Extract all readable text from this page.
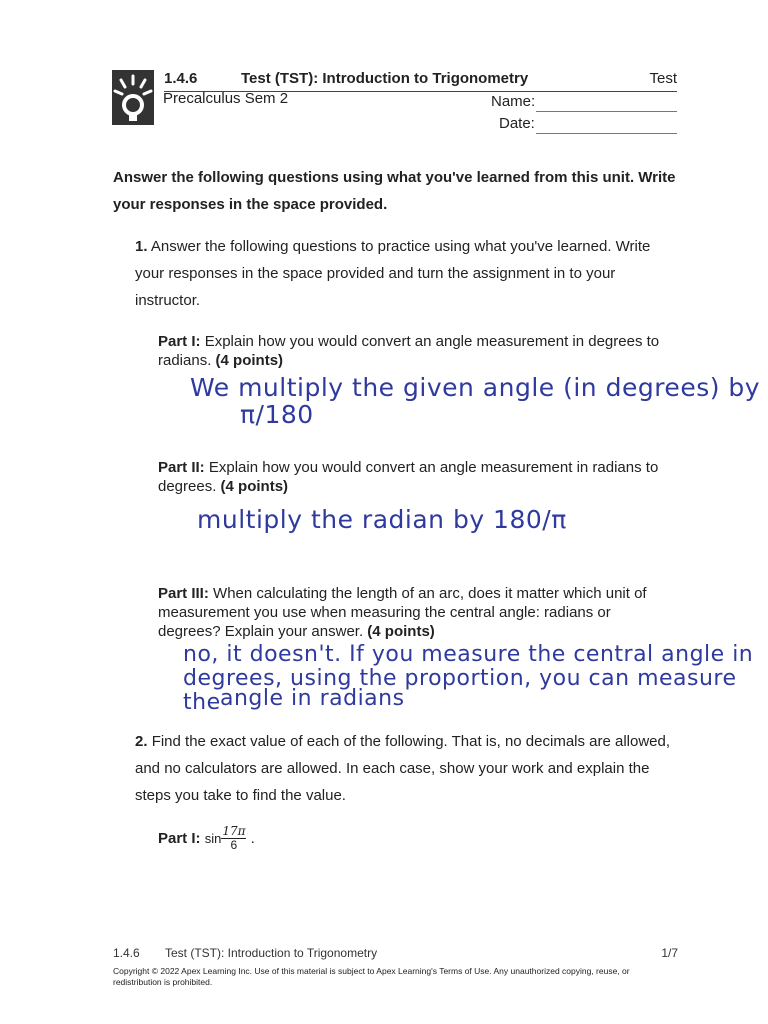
1.4.6	Test (TST): Introduction to Trigonometry	Test
Precalculus Sem 2	Name:
Date:
Answer the following questions using what you've learned from this unit. Write your responses in the space provided.
1. Answer the following questions to practice using what you've learned. Write your responses in the space provided and turn the assignment in to your instructor.
Part I: Explain how you would convert an angle measurement in degrees to radians. (4 points)
We multiply the given angle (in degrees) by
π/180
Part II: Explain how you would convert an angle measurement in radians to degrees. (4 points)
multiply the radian by 180/π
Part III: When calculating the length of an arc, does it matter which unit of measurement you use when measuring the central angle: radians or degrees? Explain your answer. (4 points)
no, it doesn't. If you measure the central angle in
degrees, using the proportion, you can measure the angle in radians
2. Find the exact value of each of the following. That is, no decimals are allowed, and no calculators are allowed. In each case, show your work and explain the steps you take to find the value.
Part I: $\sin \frac{17\pi}{6}$ .
1.4.6 Test (TST): Introduction to Trigonometry	1/7
Copyright © 2022 Apex Learning Inc. Use of this material is subject to Apex Learning's Terms of Use. Any unauthorized copying, reuse, or redistribution is prohibited.
